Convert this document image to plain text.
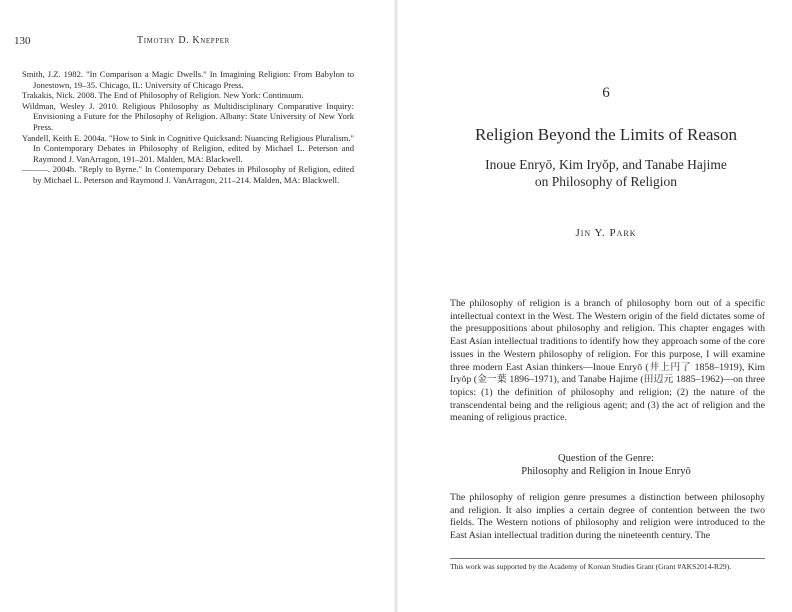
130	Timothy D. Knepper

Smith, J.Z. 1982. "In Comparison a Magic Dwells." In Imagining Religion: From Babylon to Jonestown, 19–35. Chicago, IL: University of Chicago Press.

Trakakis, Nick. 2008. The End of Philosophy of Religion. New York: Continuum.

Wildman, Wesley J. 2010. Religious Philosophy as Multidisciplinary Comparative Inquiry: Envisioning a Future for the Philosophy of Religion. Albany: State University of New York Press.

Yandell, Keith E. 2004a. "How to Sink in Cognitive Quicksand: Nuancing Religious Pluralism." In Contemporary Debates in Philosophy of Religion, edited by Michael L. Peterson and Raymond J. VanArragon, 191–201. Malden, MA: Blackwell.

———. 2004b. "Reply to Byrne." In Contemporary Debates in Philosophy of Religion, edited by Michael L. Peterson and Raymond J. VanArragon, 211–214. Malden, MA: Blackwell.

6
Religion Beyond the Limits of Reason
Inoue Enryō, Kim Iryŏp, and Tanabe Hajime
on Philosophy of Religion
Jin Y. Park

The philosophy of religion is a branch of philosophy born out of a specific intellectual context in the West. The Western origin of the field dictates some of the presuppositions about philosophy and religion. This chapter engages with East Asian intellectual traditions to identify how they approach some of the core issues in the Western philosophy of religion. For this purpose, I will examine three modern East Asian thinkers—Inoue Enryō (井上円了 1858–1919), Kim Iryŏp (金一葉 1896–1971), and Tanabe Hajime (田辺元 1885–1962)—on three topics: (1) the definition of philosophy and religion; (2) the nature of the transcendental being and the religious agent; and (3) the act of religion and the meaning of religious practice.

Question of the Genre:
Philosophy and Religion in Inoue Enryō

The philosophy of religion genre presumes a distinction between philosophy and religion. It also implies a certain degree of contention between the two fields. The Western notions of philosophy and religion were introduced to the East Asian intellectual tradition during the nineteenth century. The

This work was supported by the Academy of Korean Studies Grant (Grant #AKS2014-R29).
